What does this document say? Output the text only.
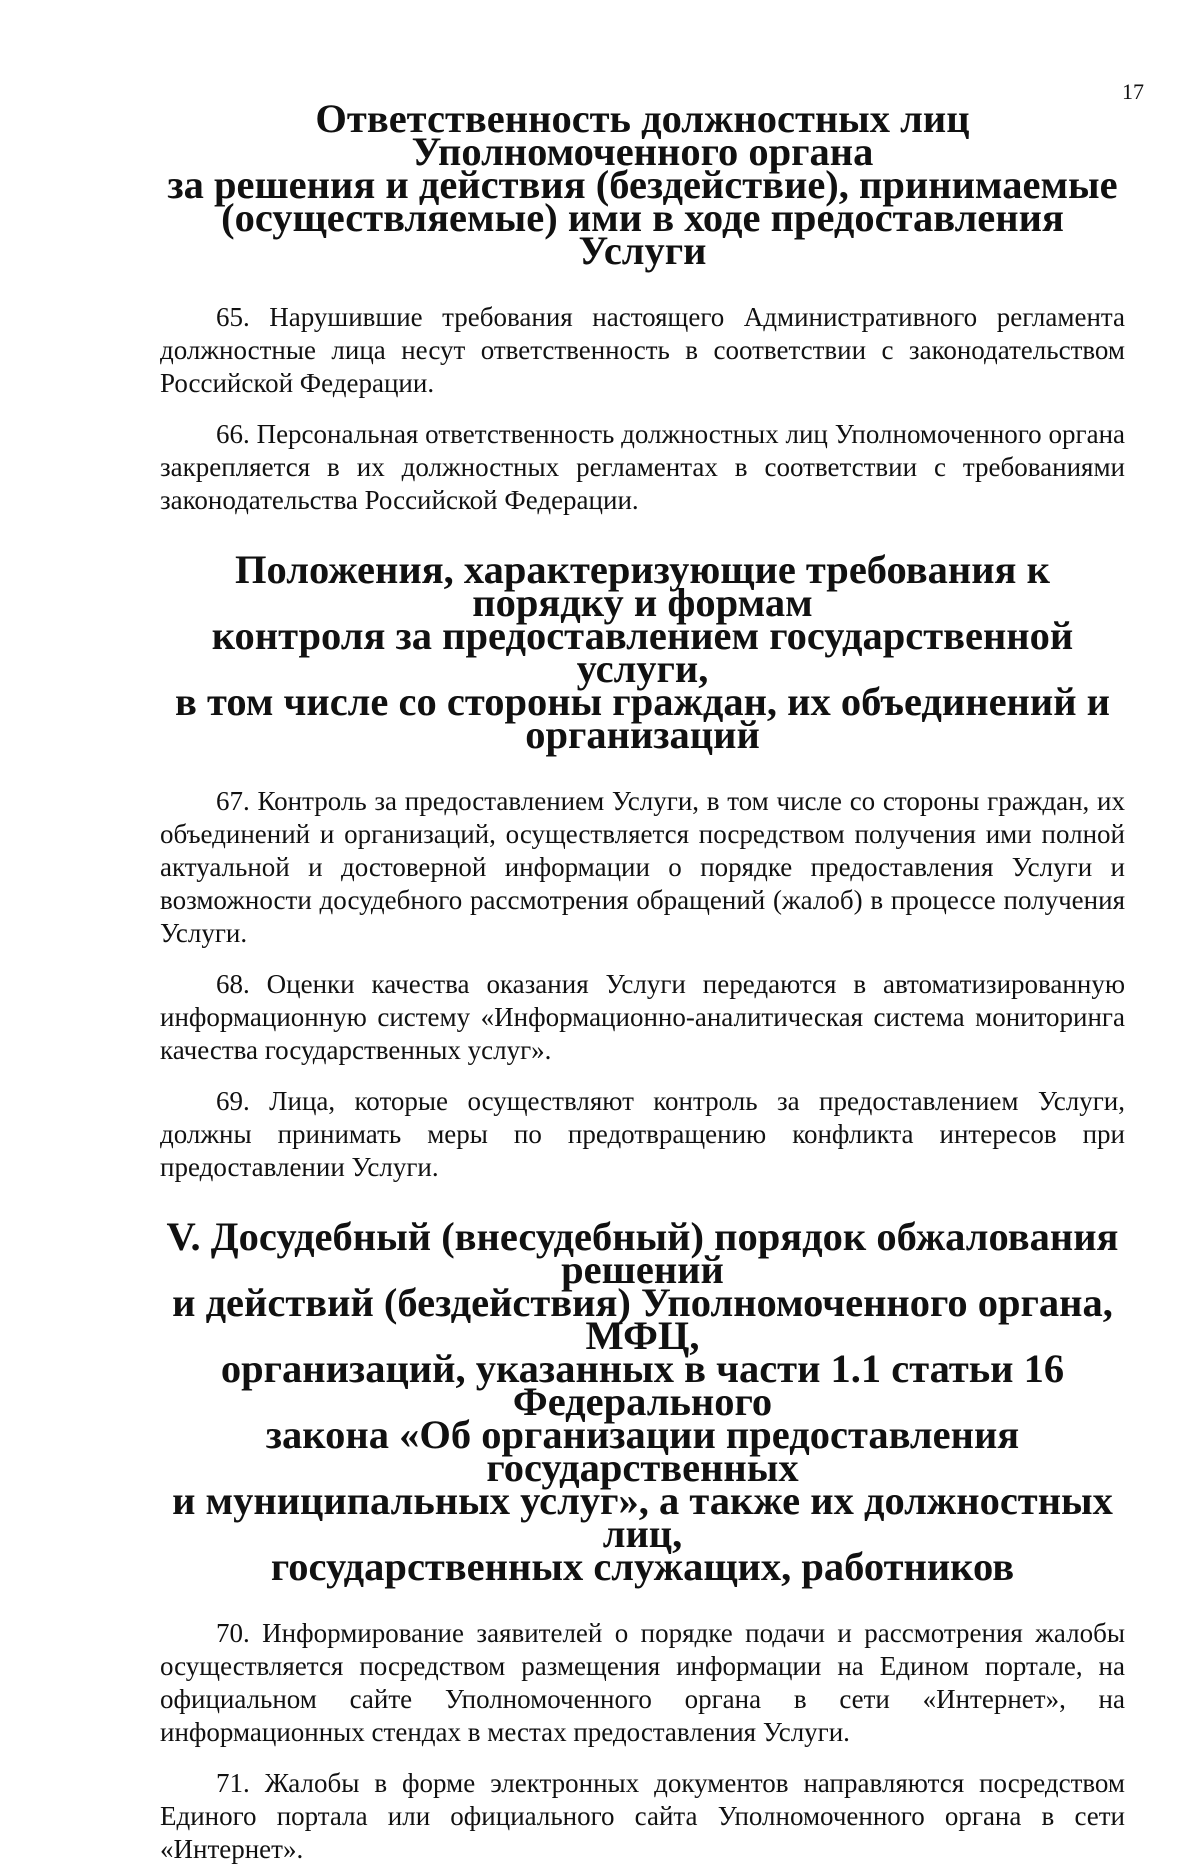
17
Ответственность должностных лиц Уполномоченного органа
за решения и действия (бездействие), принимаемые
(осуществляемые) ими в ходе предоставления Услуги

65. Нарушившие требования настоящего Административного регламента должностные лица несут ответственность в соответствии с законодательством Российской Федерации.

66. Персональная ответственность должностных лиц Уполномоченного органа закрепляется в их должностных регламентах в соответствии с требованиями законодательства Российской Федерации.

Положения, характеризующие требования к порядку и формам
контроля за предоставлением государственной услуги,
в том числе со стороны граждан, их объединений и организаций

67. Контроль за предоставлением Услуги, в том числе со стороны граждан, их объединений и организаций, осуществляется посредством получения ими полной актуальной и достоверной информации о порядке предоставления Услуги и возможности досудебного рассмотрения обращений (жалоб) в процессе получения Услуги.

68. Оценки качества оказания Услуги передаются в автоматизированную информационную систему «Информационно-аналитическая система мониторинга качества государственных услуг».

69. Лица, которые осуществляют контроль за предоставлением Услуги, должны принимать меры по предотвращению конфликта интересов при предоставлении Услуги.

V. Досудебный (внесудебный) порядок обжалования решений
и действий (бездействия) Уполномоченного органа, МФЦ,
организаций, указанных в части 1.1 статьи 16 Федерального
закона «Об организации предоставления государственных
и муниципальных услуг», а также их должностных лиц,
государственных служащих, работников

70. Информирование заявителей о порядке подачи и рассмотрения жалобы осуществляется посредством размещения информации на Едином портале, на официальном сайте Уполномоченного органа в сети «Интернет», на информационных стендах в местах предоставления Услуги.

71. Жалобы в форме электронных документов направляются посредством Единого портала или официального сайта Уполномоченного органа в сети «Интернет».
